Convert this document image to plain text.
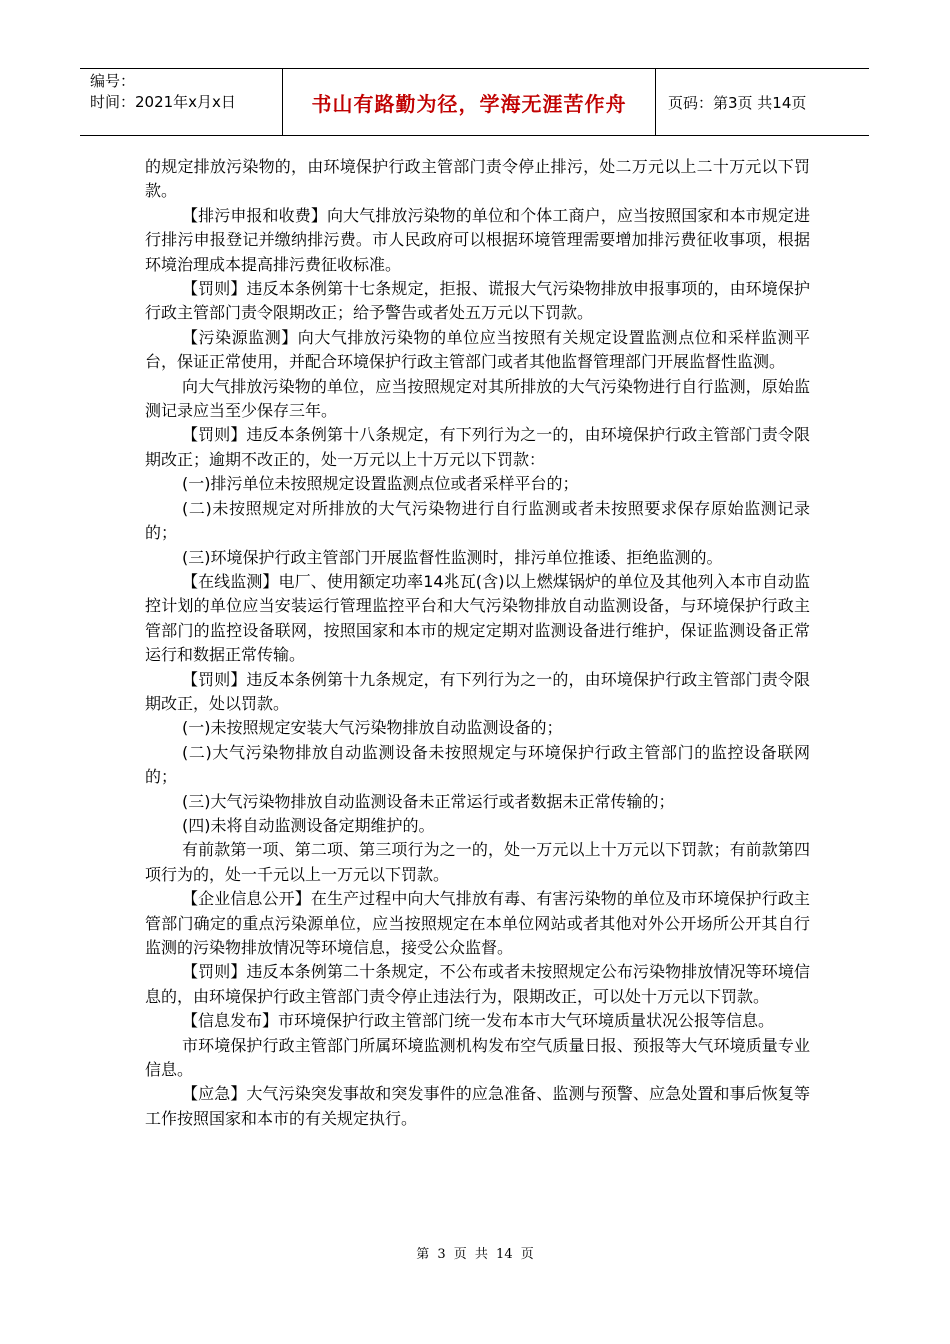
编号：
时间：2021年x月x日	书山有路勤为径，学海无涯苦作舟	页码：第3页 共14页

的规定排放污染物的，由环境保护行政主管部门责令停止排污，处二万元以上二十万元以下罚款。

【排污申报和收费】向大气排放污染物的单位和个体工商户，应当按照国家和本市规定进行排污申报登记并缴纳排污费。市人民政府可以根据环境管理需要增加排污费征收事项，根据环境治理成本提高排污费征收标准。

【罚则】违反本条例第十七条规定，拒报、谎报大气污染物排放申报事项的，由环境保护行政主管部门责令限期改正；给予警告或者处五万元以下罚款。

【污染源监测】向大气排放污染物的单位应当按照有关规定设置监测点位和采样监测平台，保证正常使用，并配合环境保护行政主管部门或者其他监督管理部门开展监督性监测。

向大气排放污染物的单位，应当按照规定对其所排放的大气污染物进行自行监测，原始监测记录应当至少保存三年。

【罚则】违反本条例第十八条规定，有下列行为之一的，由环境保护行政主管部门责令限期改正；逾期不改正的，处一万元以上十万元以下罚款：

(一)排污单位未按照规定设置监测点位或者采样平台的；

(二)未按照规定对所排放的大气污染物进行自行监测或者未按照要求保存原始监测记录的；

(三)环境保护行政主管部门开展监督性监测时，排污单位推诿、拒绝监测的。

【在线监测】电厂、使用额定功率14兆瓦(含)以上燃煤锅炉的单位及其他列入本市自动监控计划的单位应当安装运行管理监控平台和大气污染物排放自动监测设备，与环境保护行政主管部门的监控设备联网，按照国家和本市的规定定期对监测设备进行维护，保证监测设备正常运行和数据正常传输。

【罚则】违反本条例第十九条规定，有下列行为之一的，由环境保护行政主管部门责令限期改正，处以罚款。

(一)未按照规定安装大气污染物排放自动监测设备的；

(二)大气污染物排放自动监测设备未按照规定与环境保护行政主管部门的监控设备联网的；

(三)大气污染物排放自动监测设备未正常运行或者数据未正常传输的；

(四)未将自动监测设备定期维护的。

有前款第一项、第二项、第三项行为之一的，处一万元以上十万元以下罚款；有前款第四项行为的，处一千元以上一万元以下罚款。

【企业信息公开】在生产过程中向大气排放有毒、有害污染物的单位及市环境保护行政主管部门确定的重点污染源单位，应当按照规定在本单位网站或者其他对外公开场所公开其自行监测的污染物排放情况等环境信息，接受公众监督。

【罚则】违反本条例第二十条规定，不公布或者未按照规定公布污染物排放情况等环境信息的，由环境保护行政主管部门责令停止违法行为，限期改正，可以处十万元以下罚款。

【信息发布】市环境保护行政主管部门统一发布本市大气环境质量状况公报等信息。

市环境保护行政主管部门所属环境监测机构发布空气质量日报、预报等大气环境质量专业信息。

【应急】大气污染突发事故和突发事件的应急准备、监测与预警、应急处置和事后恢复等工作按照国家和本市的有关规定执行。

第 3 页 共 14 页
